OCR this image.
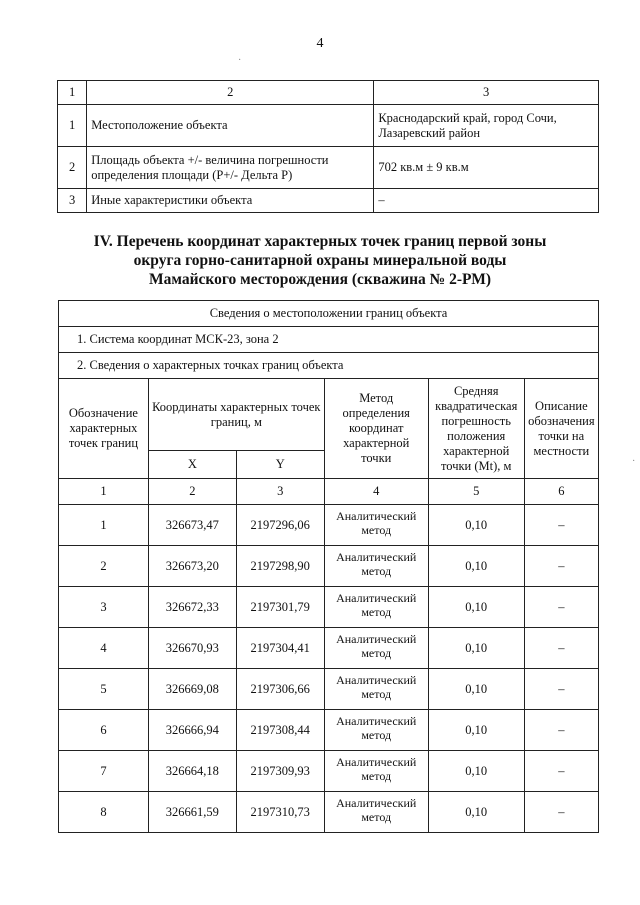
4
1	2	3
1	Местоположение объекта	Краснодарский край, город Сочи, Лазаревский район
2	Площадь объекта +/- величина погрешности определения площади (P+/- Дельта P)	702 кв.м ± 9 кв.м
3	Иные характеристики объекта	–
IV. Перечень координат характерных точек границ первой зоны
округа горно-санитарной охраны минеральной воды
Мамайского месторождения (скважина № 2-РМ)
Сведения о местоположении границ объекта					
1. Система координат МСК-23, зона 2					
2. Сведения о характерных точках границ объекта					
Обозначение характерных точек границ	Координаты характерных точек границ, м		Метод определения координат характерной точки	Средняя квадратическая погрешность положения характерной точки (Mt), м	Описание обозначения точки на местности
	X	Y			
1	2	3	4	5	6
1	326673,47	2197296,06	Аналитический метод	0,10	–
2	326673,20	2197298,90	Аналитический метод	0,10	–
3	326672,33	2197301,79	Аналитический метод	0,10	–
4	326670,93	2197304,41	Аналитический метод	0,10	–
5	326669,08	2197306,66	Аналитический метод	0,10	–
6	326666,94	2197308,44	Аналитический метод	0,10	–
7	326664,18	2197309,93	Аналитический метод	0,10	–
8	326661,59	2197310,73	Аналитический метод	0,10	–
·
·
